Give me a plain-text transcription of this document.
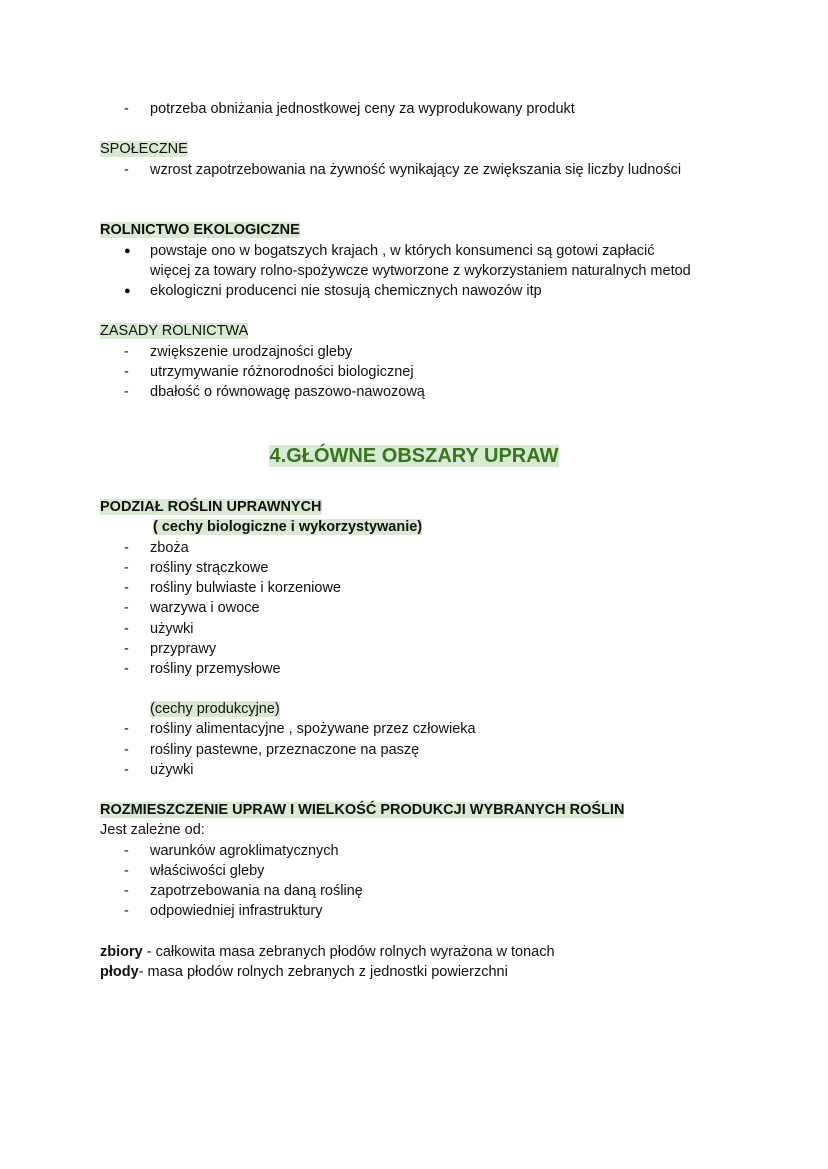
-	potrzeba obniżania jednostkowej ceny za wyprodukowany produkt
SPOŁECZNE
-	wzrost zapotrzebowania na żywność wynikający ze zwiększania się liczby ludności
ROLNICTWO EKOLOGICZNE
●	powstaje ono w bogatszych krajach , w których konsumenci są gotowi zapłacić
więcej za towary rolno-spożywcze wytworzone z wykorzystaniem naturalnych metod
●	ekologiczni producenci nie stosują chemicznych nawozów itp
ZASADY ROLNICTWA
-	zwiększenie urodzajności gleby
-	utrzymywanie różnorodności biologicznej
-	dbałość o równowagę paszowo-nawozową
4.GŁÓWNE OBSZARY UPRAW
PODZIAŁ ROŚLIN UPRAWNYCH
( cechy biologiczne i wykorzystywanie)
-	zboża
-	rośliny strączkowe
-	rośliny bulwiaste i korzeniowe
-	warzywa i owoce
-	używki
-	przyprawy
-	rośliny przemysłowe
(cechy produkcyjne)
-	rośliny alimentacyjne , spożywane przez człowieka
-	rośliny pastewne, przeznaczone na paszę
-	używki
ROZMIESZCZENIE UPRAW I WIELKOŚĆ PRODUKCJI WYBRANYCH ROŚLIN
Jest zależne od:
-	warunków agroklimatycznych
-	właściwości gleby
-	zapotrzebowania na daną roślinę
-	odpowiedniej infrastruktury
zbiory - całkowita masa zebranych płodów rolnych wyrażona w tonach
płody- masa płodów rolnych zebranych z jednostki powierzchni
